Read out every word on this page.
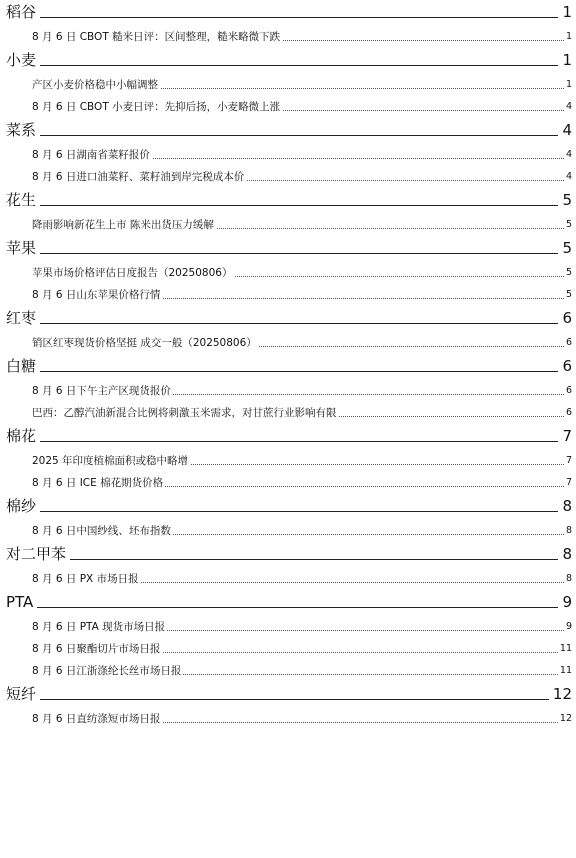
稻谷	1
8 月 6 日 CBOT 糙米日评：区间整理，糙米略微下跌	1
小麦	1
产区小麦价格稳中小幅调整	1
8 月 6 日 CBOT 小麦日评：先抑后扬，小麦略微上涨	4
菜系	4
8 月 6 日湖南省菜籽报价	4
8 月 6 日进口油菜籽、菜籽油到岸完税成本价	4
花生	5
降雨影响新花生上市 陈米出货压力缓解	5
苹果	5
苹果市场价格评估日度报告（20250806）	5
8 月 6 日山东苹果价格行情	5
红枣	6
销区红枣现货价格坚挺 成交一般（20250806）	6
白糖	6
8 月 6 日下午主产区现货报价	6
巴西：乙醇汽油新混合比例将刺激玉米需求，对甘蔗行业影响有限	6
棉花	7
2025 年印度植棉面积或稳中略增	7
8 月 6 日 ICE 棉花期货价格	7
棉纱	8
8 月 6 日中国纱线、坯布指数	8
对二甲苯	8
8 月 6 日 PX 市场日报	8
PTA	9
8 月 6 日 PTA 现货市场日报	9
8 月 6 日聚酯切片市场日报	11
8 月 6 日江浙涤纶长丝市场日报	11
短纤	12
8 月 6 日直纺涤短市场日报	12
